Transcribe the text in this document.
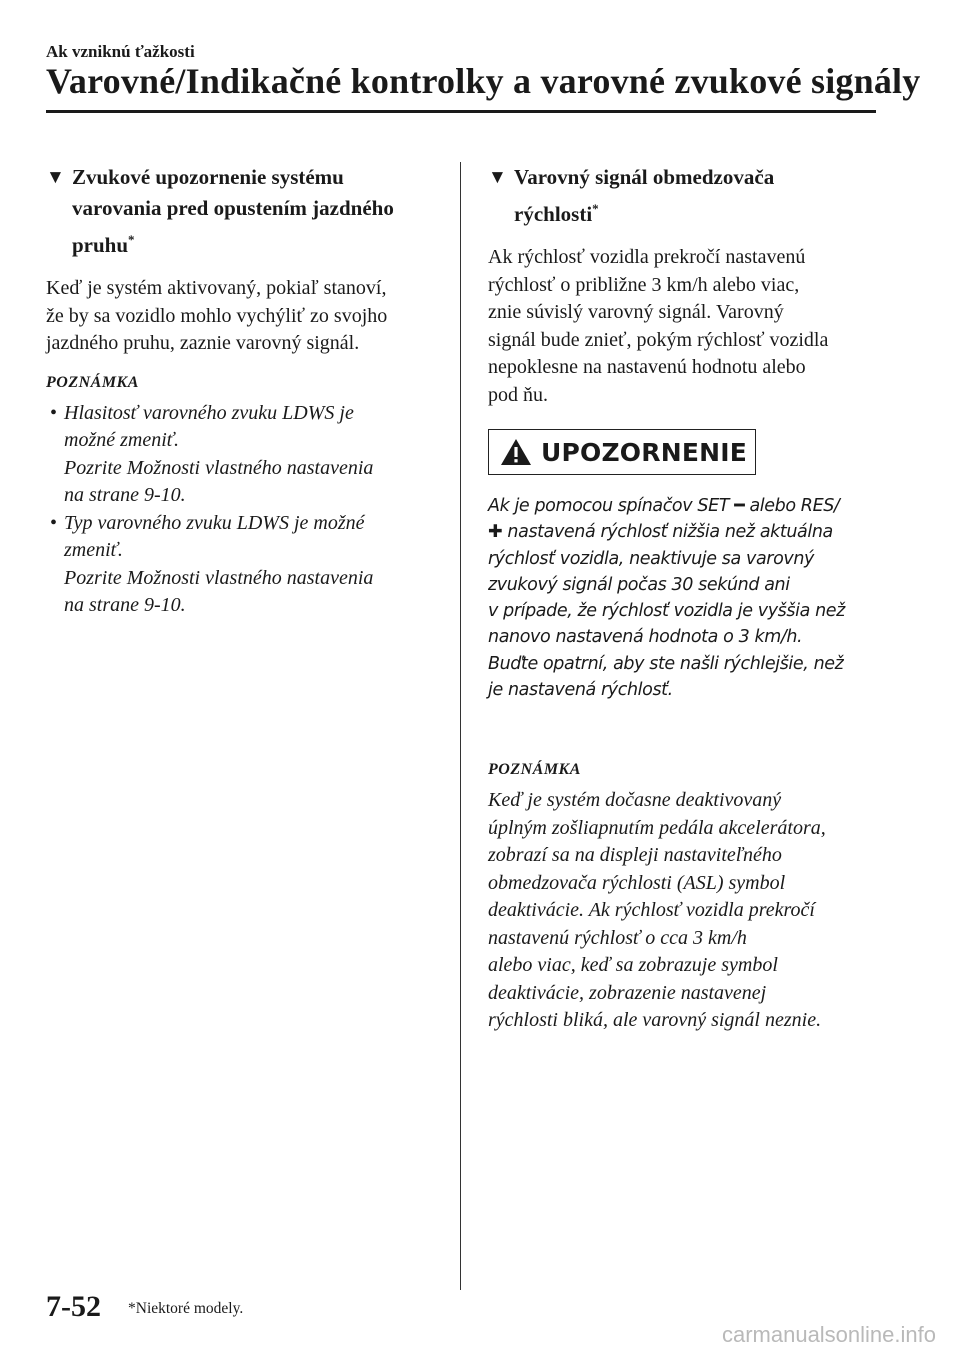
Ak vzniknú ťažkosti
Varovné/Indikačné kontrolky a varovné zvukové signály
▼ Zvukové upozornenie systému
varovania pred opustením jazdného
pruhu*
Keď je systém aktivovaný, pokiaľ stanoví,
že by sa vozidlo mohlo vychýliť zo svojho
jazdného pruhu, zaznie varovný signál.
POZNÁMKA
• Hlasitosť varovného zvuku LDWS je
možné zmeniť.
Pozrite Možnosti vlastného nastavenia
na strane 9-10.
• Typ varovného zvuku LDWS je možné
zmeniť.
Pozrite Možnosti vlastného nastavenia
na strane 9-10.
▼ Varovný signál obmedzovača
rýchlosti*
Ak rýchlosť vozidla prekročí nastavenú
rýchlosť o približne 3 km/h alebo viac,
znie súvislý varovný signál. Varovný
signál bude znieť, pokým rýchlosť vozidla
nepoklesne na nastavenú hodnotu alebo
pod ňu.
UPOZORNENIE
Ak je pomocou spínačov SET ━ alebo RES/
✚ nastavená rýchlosť nižšia než aktuálna
rýchlosť vozidla, neaktivuje sa varovný
zvukový signál počas 30 sekúnd ani
v prípade, že rýchlosť vozidla je vyššia než
nanovo nastavená hodnota o 3 km/h.
Buďte opatrní, aby ste našli rýchlejšie, než
je nastavená rýchlosť.
POZNÁMKA
Keď je systém dočasne deaktivovaný
úplným zošliapnutím pedála akcelerátora,
zobrazí sa na displeji nastaviteľného
obmedzovača rýchlosti (ASL) symbol
deaktivácie. Ak rýchlosť vozidla prekročí
nastavenú rýchlosť o cca 3 km/h
alebo viac, keď sa zobrazuje symbol
deaktivácie, zobrazenie nastavenej
rýchlosti bliká, ale varovný signál neznie.
7-52 *Niektoré modely.
carmanualsonline.info
